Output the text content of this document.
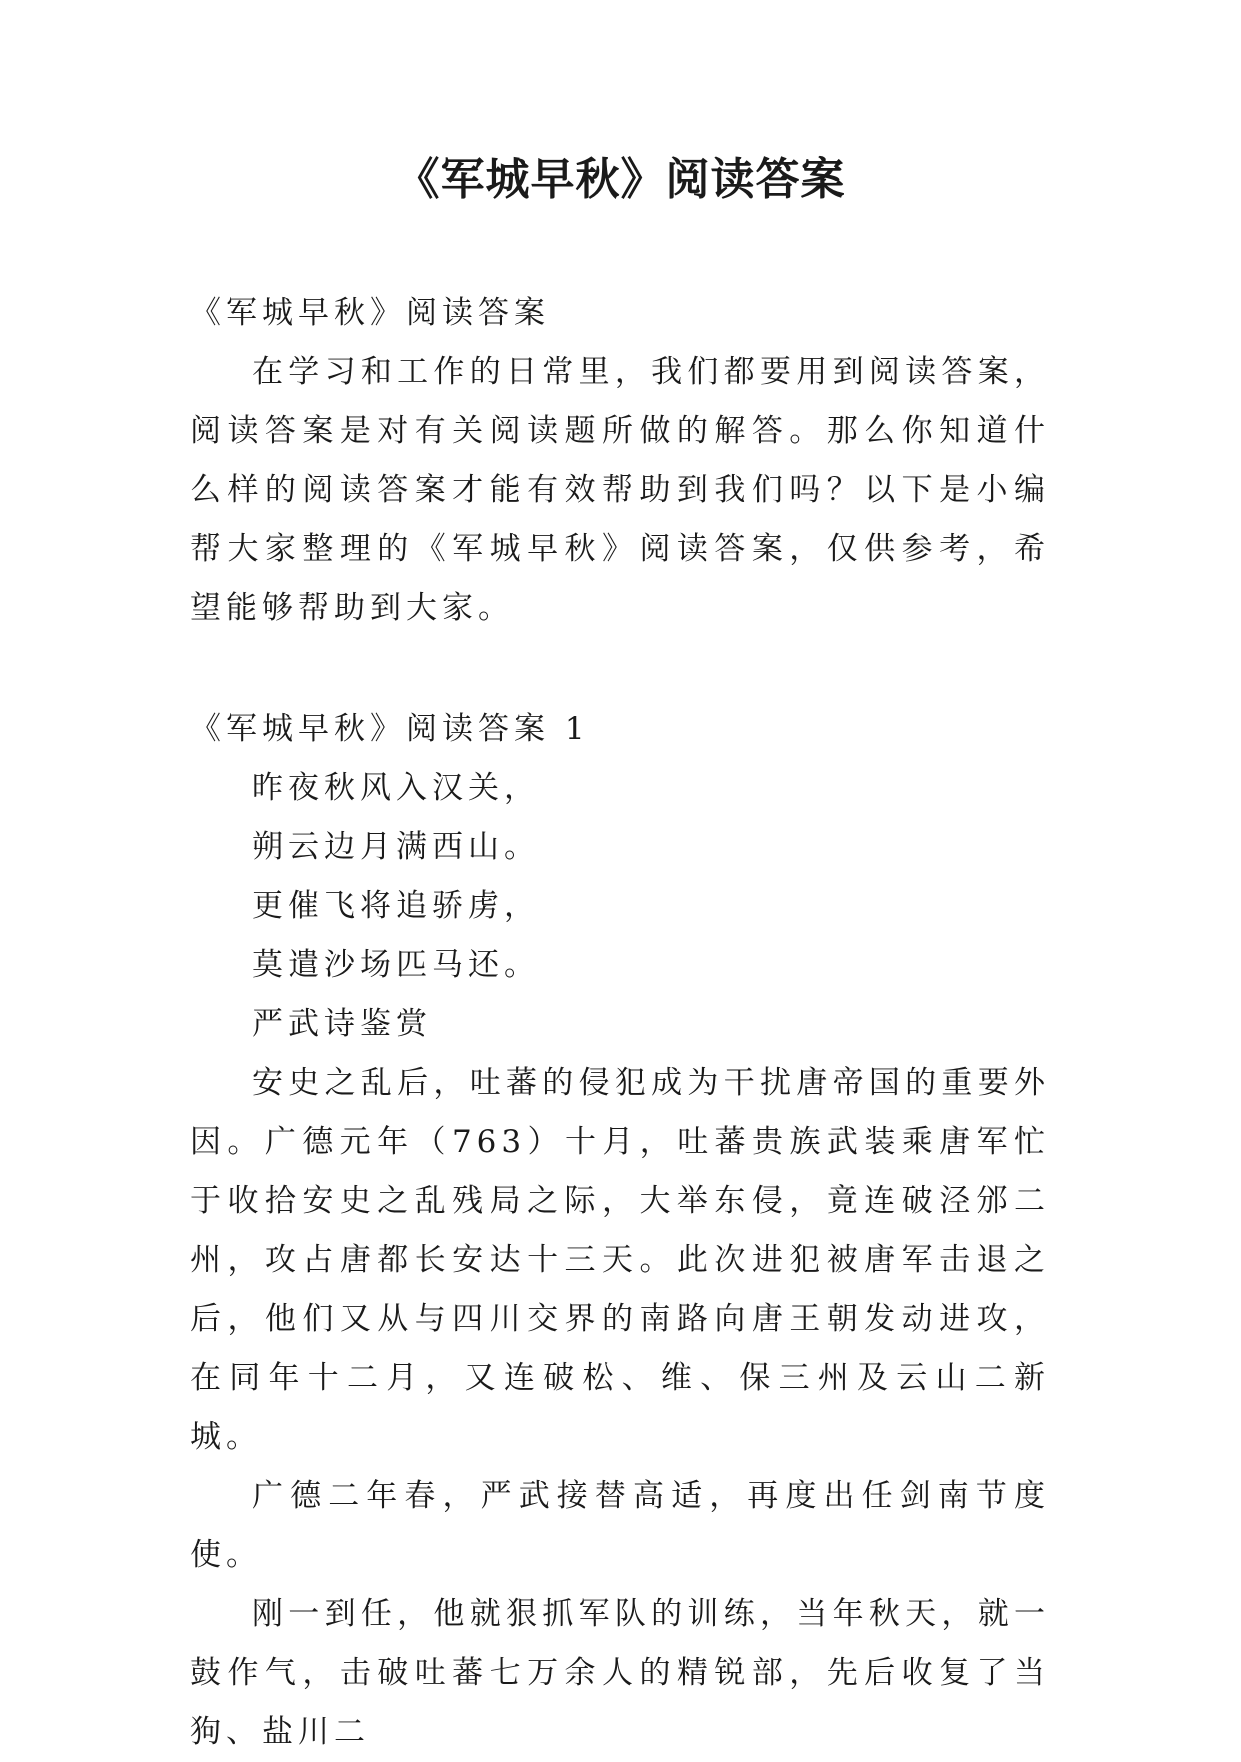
《军城早秋》阅读答案

《军城早秋》阅读答案

在学习和工作的日常里，我们都要用到阅读答案，阅读答案是对有关阅读题所做的解答。那么你知道什么样的阅读答案才能有效帮助到我们吗？以下是小编帮大家整理的《军城早秋》阅读答案，仅供参考，希望能够帮助到大家。

《军城早秋》阅读答案 1

昨夜秋风入汉关，

朔云边月满西山。

更催飞将追骄虏，

莫遣沙场匹马还。

严武诗鉴赏

安史之乱后，吐蕃的侵犯成为干扰唐帝国的重要外因。广德元年（763）十月，吐蕃贵族武装乘唐军忙于收拾安史之乱残局之际，大举东侵，竟连破泾邠二州，攻占唐都长安达十三天。此次进犯被唐军击退之后，他们又从与四川交界的南路向唐王朝发动进攻，在同年十二月，又连破松、维、保三州及云山二新城。

广德二年春，严武接替高适，再度出任剑南节度使。

刚一到任，他就狠抓军队的训练，当年秋天，就一鼓作气，击破吐蕃七万余人的精锐部，先后收复了当狗、盐川二
